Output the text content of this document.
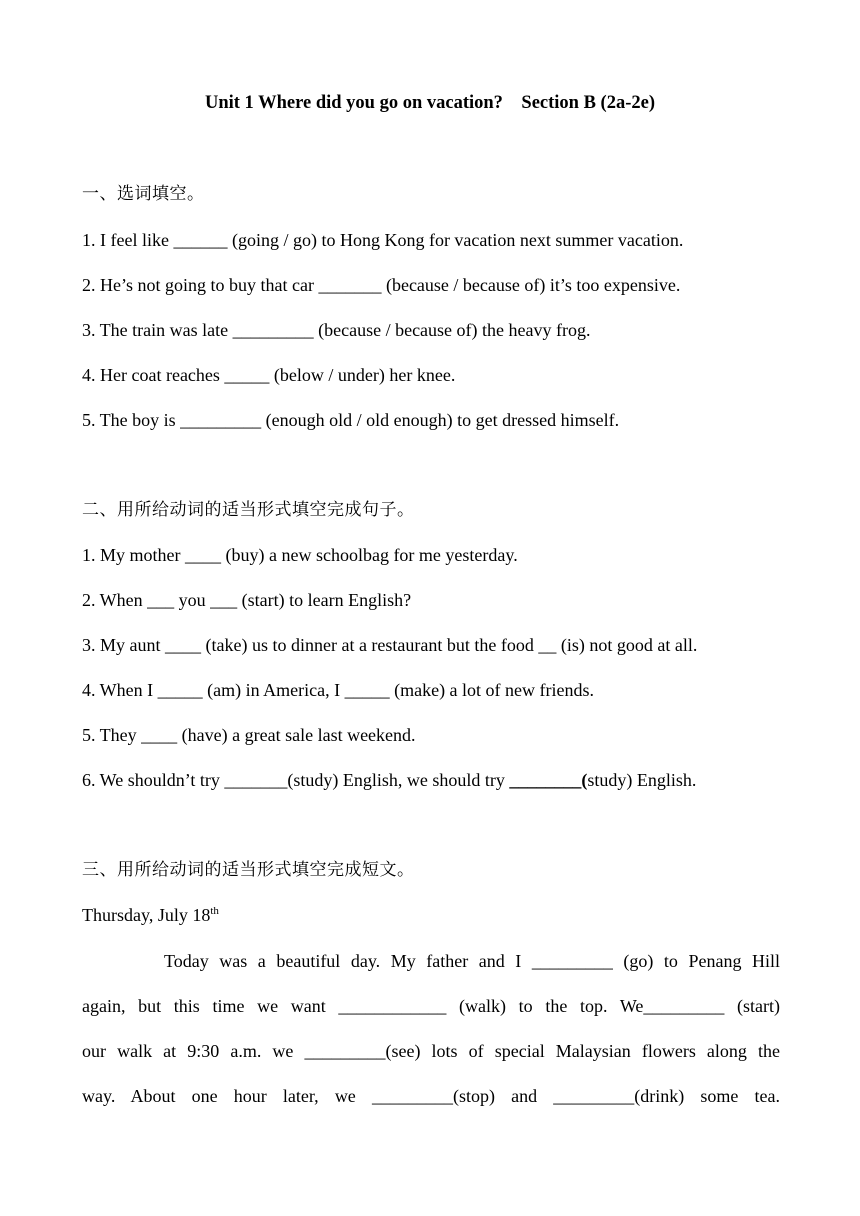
Unit 1 Where did you go on vacation?    Section B (2a-2e)
一、选词填空。
1. I feel like ______ (going / go) to Hong Kong for vacation next summer vacation.
2. He’s not going to buy that car _______ (because / because of) it’s too expensive.
3. The train was late _________ (because / because of) the heavy frog.
4. Her coat reaches _____ (below / under) her knee.
5. The boy is _________ (enough old / old enough) to get dressed himself.
二、用所给动词的适当形式填空完成句子。
1. My mother ____ (buy) a new schoolbag for me yesterday.
2. When ___ you ___ (start) to learn English?
3. My aunt ____ (take) us to dinner at a restaurant but the food __ (is) not good at all.
4. When I _____ (am) in America, I _____ (make) a lot of new friends.
5. They ____ (have) a great sale last weekend.
6. We shouldn’t try _______(study) English, we should try ________(study) English.
三、用所给动词的适当形式填空完成短文。
Thursday, July 18th
Today was a beautiful day. My father and I _________ (go) to Penang Hill
again, but this time we want ____________ (walk) to the top. We_________ (start)
our walk at 9:30 a.m. we _________(see) lots of special Malaysian flowers along the
way. About one hour later, we _________(stop) and _________(drink) some tea.
